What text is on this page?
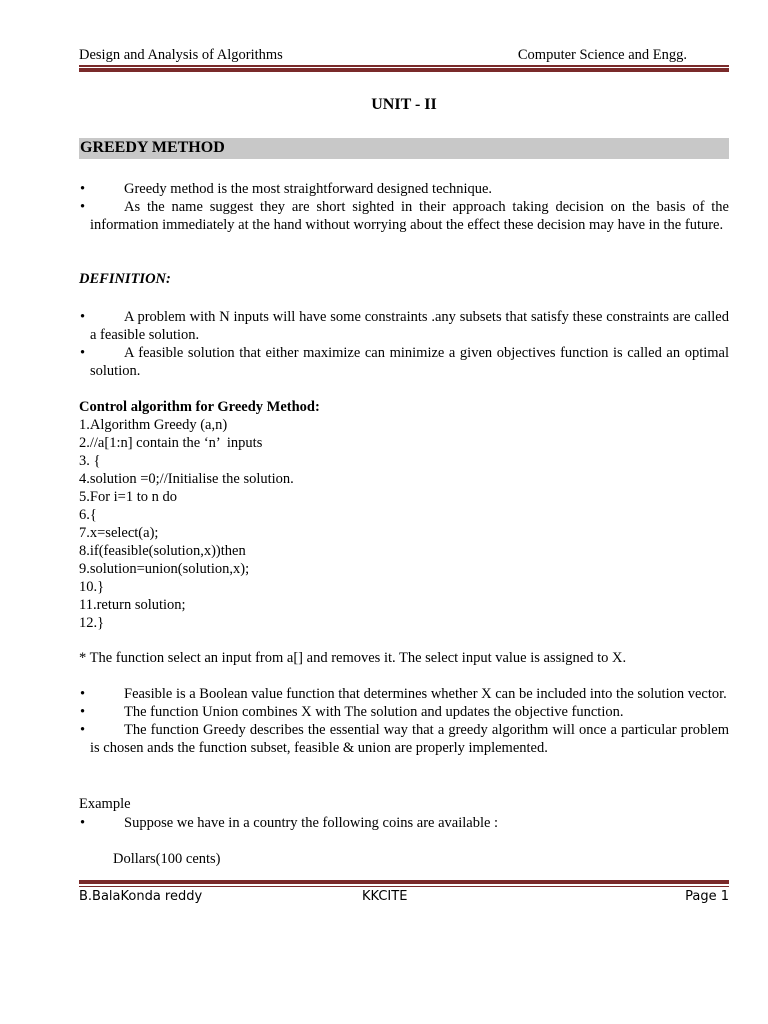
Design and Analysis of Algorithms	Computer Science and Engg.
UNIT - II
GREEDY METHOD
•	Greedy method is the most straightforward designed technique.
•	As the name suggest they are short sighted in their approach taking decision on the basis of the information immediately at the hand without worrying about the effect these decision may have in the future.
DEFINITION:
•	A problem with N inputs will have some constraints .any subsets that satisfy these constraints are called a feasible solution.
•	A feasible solution that either maximize can minimize a given objectives function is called an optimal solution.
Control algorithm for Greedy Method:
1.Algorithm Greedy (a,n)
2.//a[1:n] contain the ‘n’  inputs
3. {
4.solution =0;//Initialise the solution.
5.For i=1 to n do
6.{
7.x=select(a);
8.if(feasible(solution,x))then
9.solution=union(solution,x);
10.}
11.return solution;
12.}
* The function select an input from a[] and removes it. The select input value is assigned to X.
•	Feasible is a Boolean value function that determines whether X can be included into the solution vector.
•	The function Union combines X with The solution and updates the objective function.
•	The function Greedy describes the essential way that a greedy algorithm will once a particular problem is chosen ands the function subset, feasible & union are properly implemented.
Example
•	Suppose we have in a country the following coins are available :
Dollars(100 cents)
B.BalaKonda reddy	KKCITE	Page 1
